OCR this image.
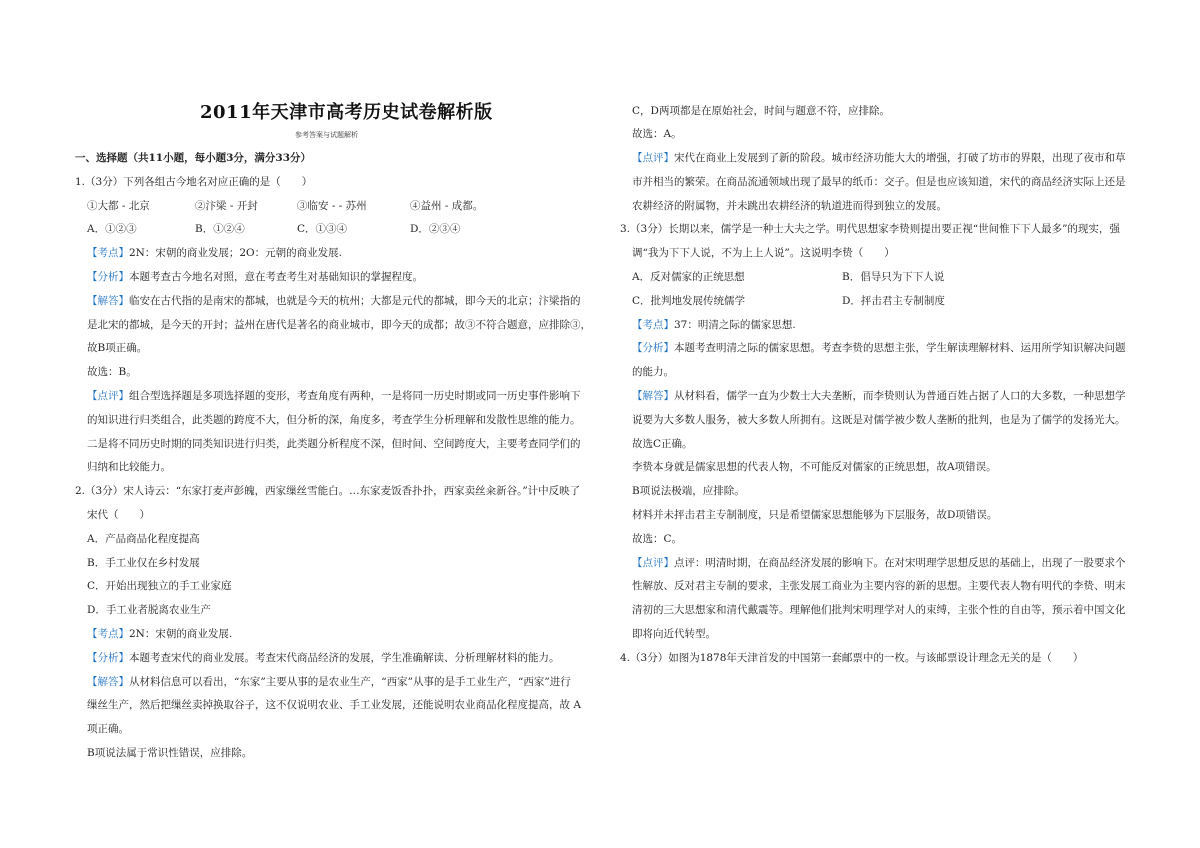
2011年天津市高考历史试卷解析版
参考答案与试题解析
一、选择题（共11小题，每小题3分，满分33分）
1.（3分）下列各组古今地名对应正确的是（　　）
①大都 - 北京	②汴梁 - 开封	③临安 - - 苏州	④益州 - 成都。
A．①②③	B．①②④	C．①③④	D．②③④
【考点】2N：宋朝的商业发展；2O：元朝的商业发展.
【分析】本题考查古今地名对照，意在考查考生对基础知识的掌握程度。
【解答】临安在古代指的是南宋的都城，也就是今天的杭州；大都是元代的都城，即今天的北京；汴梁指的
是北宋的都城，是今天的开封；益州在唐代是著名的商业城市，即今天的成都；故③不符合题意，应排除③，
故B项正确。
故选：B。
【点评】组合型选择题是多项选择题的变形，考查角度有两种，一是将同一历史时期或同一历史事件影响下
的知识进行归类组合，此类题的跨度不大，但分析的深，角度多，考查学生分析理解和发散性思维的能力。
二是将不同历史时期的同类知识进行归类，此类题分析程度不深，但时间、空间跨度大，主要考查同学们的
归纳和比较能力。
2.（3分）宋人诗云：“东家打麦声彭魄，西家缫丝雪能白。…东家麦饭香扑扑，西家卖丝籴新谷。”计中反映了
宋代（　　）
A．产品商品化程度提高
B．手工业仅在乡村发展
C．开始出现独立的手工业家庭
D．手工业者脱离农业生产
【考点】2N：宋朝的商业发展.
【分析】本题考查宋代的商业发展。考查宋代商品经济的发展，学生准确解读、分析理解材料的能力。
【解答】从材料信息可以看出，“东家”主要从事的是农业生产，“西家”从事的是手工业生产，“西家”进行
缫丝生产，然后把缫丝卖掉换取谷子，这不仅说明农业、手工业发展，还能说明农业商品化程度提高，故 A
项正确。
B项说法属于常识性错误，应排除。
C，D两项都是在原始社会，时间与题意不符，应排除。
故选：A。
【点评】宋代在商业上发展到了新的阶段。城市经济功能大大的增强，打破了坊市的界限，出现了夜市和草
市并相当的繁荣。在商品流通领域出现了最早的纸币：交子。但是也应该知道，宋代的商品经济实际上还是
农耕经济的附属物，并未跳出农耕经济的轨道进而得到独立的发展。
3.（3分）长期以来，儒学是一种士大夫之学。明代思想家李贽则提出要正视“世间惟下下人最多”的现实，强
调“我为下下人说，不为上上人说”。这说明李贽（　　）
A．反对儒家的正统思想	B．倡导只为下下人说
C．批判地发展传统儒学	D．抨击君主专制制度
【考点】37：明清之际的儒家思想.
【分析】本题考查明清之际的儒家思想。考查李贽的思想主张，学生解读理解材料、运用所学知识解决问题
的能力。
【解答】从材料看，儒学一直为少数士大夫垄断，而李贽则认为普通百姓占据了人口的大多数，一种思想学
说要为大多数人服务，被大多数人所拥有。这既是对儒学被少数人垄断的批判，也是为了儒学的发扬光大。
故选C正确。
李贽本身就是儒家思想的代表人物，不可能反对儒家的正统思想，故A项错误。
B项说法极端，应排除。
材料并未抨击君主专制制度，只是希望儒家思想能够为下层服务，故D项错误。
故选：C。
【点评】点评：明清时期，在商品经济发展的影响下。在对宋明理学思想反思的基础上，出现了一股要求个
性解放、反对君主专制的要求，主张发展工商业为主要内容的新的思想。主要代表人物有明代的李贽、明末
清初的三大思想家和清代戴震等。理解他们批判宋明理学对人的束缚，主张个性的自由等，预示着中国文化
即将向近代转型。
4.（3分）如图为1878年天津首发的中国第一套邮票中的一枚。与该邮票设计理念无关的是（　　）
